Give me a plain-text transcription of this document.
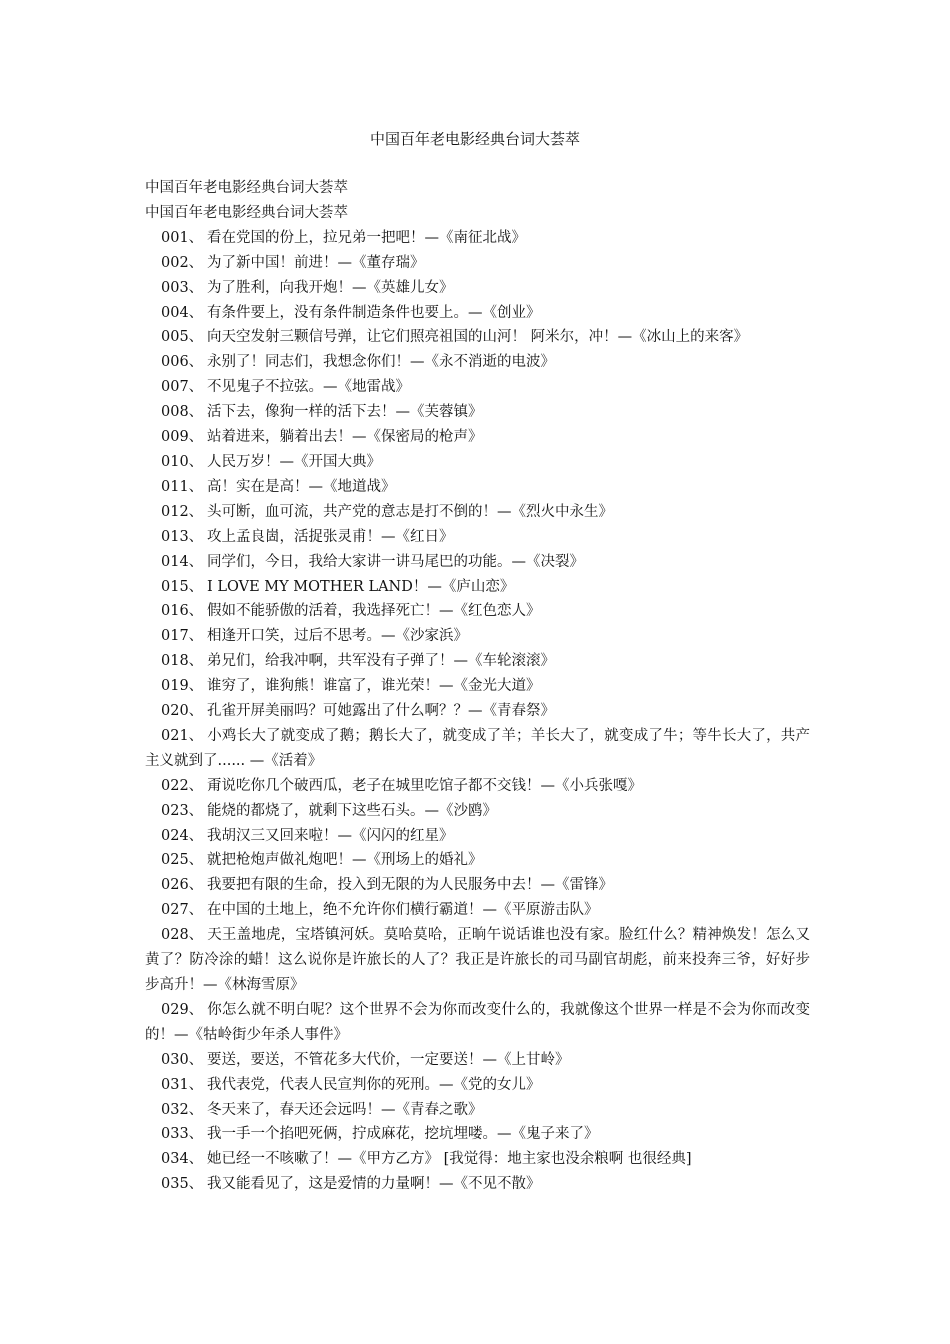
中国百年老电影经典台词大荟萃
中国百年老电影经典台词大荟萃
中国百年老电影经典台词大荟萃
001、 看在党国的份上，拉兄弟一把吧！—《南征北战》
002、 为了新中国！前进！—《董存瑞》
003、 为了胜利，向我开炮！—《英雄儿女》
004、 有条件要上，没有条件制造条件也要上。—《创业》
005、 向天空发射三颗信号弹，让它们照亮祖国的山河！ 阿米尔，冲！—《冰山上的来客》
006、 永别了！同志们，我想念你们！—《永不消逝的电波》
007、 不见鬼子不拉弦。—《地雷战》
008、 活下去，像狗一样的活下去！—《芙蓉镇》
009、 站着进来，躺着出去！—《保密局的枪声》
010、 人民万岁！—《开国大典》
011、 高！实在是高！—《地道战》
012、 头可断，血可流，共产党的意志是打不倒的！—《烈火中永生》
013、 攻上孟良崮，活捉张灵甫！—《红日》
014、 同学们，今日，我给大家讲一讲马尾巴的功能。—《决裂》
015、 I LOVE MY MOTHER LAND！—《庐山恋》
016、 假如不能骄傲的活着，我选择死亡！—《红色恋人》
017、 相逢开口笑，过后不思考。—《沙家浜》
018、 弟兄们，给我冲啊，共军没有子弹了！—《车轮滚滚》
019、 谁穷了，谁狗熊！谁富了，谁光荣！—《金光大道》
020、 孔雀开屏美丽吗？可她露出了什么啊？？—《青春祭》
021、 小鸡长大了就变成了鹅；鹅长大了，就变成了羊；羊长大了，就变成了牛；等牛长大了，共产主义就到了...... —《活着》
022、 甭说吃你几个破西瓜，老子在城里吃馆子都不交钱！—《小兵张嘎》
023、 能烧的都烧了，就剩下这些石头。—《沙鸥》
024、 我胡汉三又回来啦！—《闪闪的红星》
025、 就把枪炮声做礼炮吧！—《刑场上的婚礼》
026、 我要把有限的生命，投入到无限的为人民服务中去！—《雷锋》
027、 在中国的土地上，绝不允许你们横行霸道！—《平原游击队》
028、 天王盖地虎，宝塔镇河妖。莫哈莫哈，正晌午说话谁也没有家。脸红什么？精神焕发！怎么又黄了？防冷涂的蜡！这么说你是许旅长的人了？我正是许旅长的司马副官胡彪，前来投奔三爷，好好步步高升！—《林海雪原》
029、 你怎么就不明白呢？这个世界不会为你而改变什么的，我就像这个世界一样是不会为你而改变的！—《牯岭街少年杀人事件》
030、 要送，要送，不管花多大代价，一定要送！—《上甘岭》
031、 我代表党，代表人民宣判你的死刑。—《党的女儿》
032、 冬天来了，春天还会远吗！—《青春之歌》
033、 我一手一个掐吧死俩，拧成麻花，挖坑埋喽。—《鬼子来了》
034、 她已经一不咳嗽了！—《甲方乙方》 [我觉得：地主家也没余粮啊 也很经典]
035、 我又能看见了，这是爱情的力量啊！—《不见不散》
